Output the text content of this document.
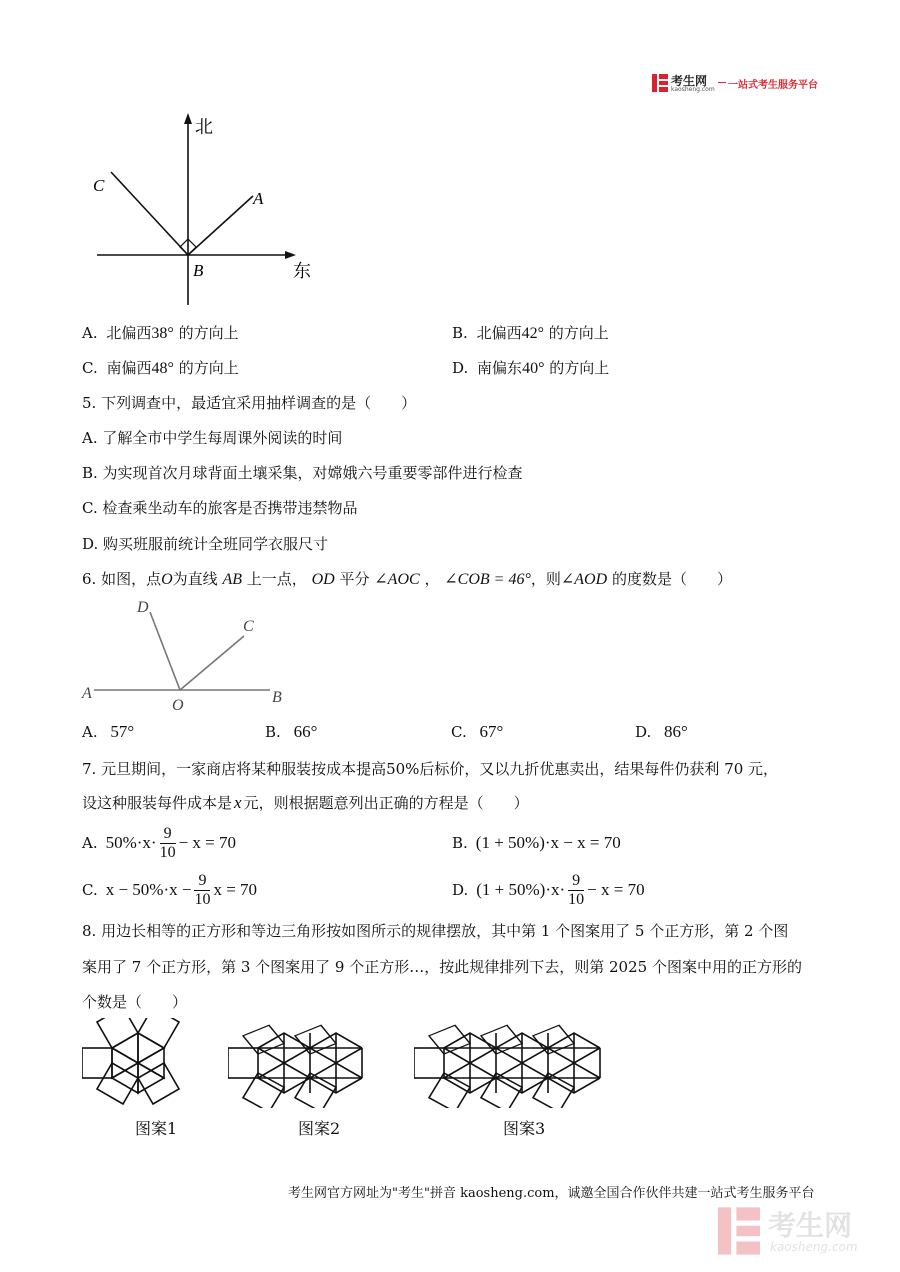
考生网
kaosheng.com 一站式考生服务平台
北
东
A
B
C
A. 北偏西38° 的方向上	B. 北偏西42° 的方向上
C. 南偏西48° 的方向上	D. 南偏东40° 的方向上
5. 下列调查中，最适宜采用抽样调查的是（　　）
A. 了解全市中学生每周课外阅读的时间
B. 为实现首次月球背面土壤采集，对嫦娥六号重要零部件进行检查
C. 检查乘坐动车的旅客是否携带违禁物品
D. 购买班服前统计全班同学衣服尺寸
6. 如图，点O为直线 AB 上一点， OD 平分 ∠AOC ， ∠COB = 46°，则∠AOD 的度数是（　　）
A	B
C
D
O
A. 57°	B. 66°	C. 67°	D. 86°
7. 元旦期间，一家商店将某种服装按成本提高50%后标价，又以九折优惠卖出，结果每件仍获利 70 元，
设这种服装每件成本是 x 元，则根据题意列出正确的方程是（　　）
A. $50\%\cdot x\cdot \frac{9}{10} - x = 70$	B. (1 + 50%)·x − x = 70
C. $x - 50\%\cdot x - \frac{9}{10}$ x = 70	D. $(1 + 50\%)\cdot x\cdot \frac{9}{10} - x = 70$
8. 用边长相等的正方形和等边三角形按如图所示的规律摆放，其中第 1 个图案用了 5 个正方形，第 2 个图
案用了 7 个正方形，第 3 个图案用了 9 个正方形…，按此规律排列下去，则第 2025 个图案中用的正方形的
个数是（　　）
图案1	图案2	图案3
考生网官方网址为"考生"拼音 kaosheng.com，诚邀全国合作伙伴共建一站式考生服务平台
考生网
kaosheng.com
